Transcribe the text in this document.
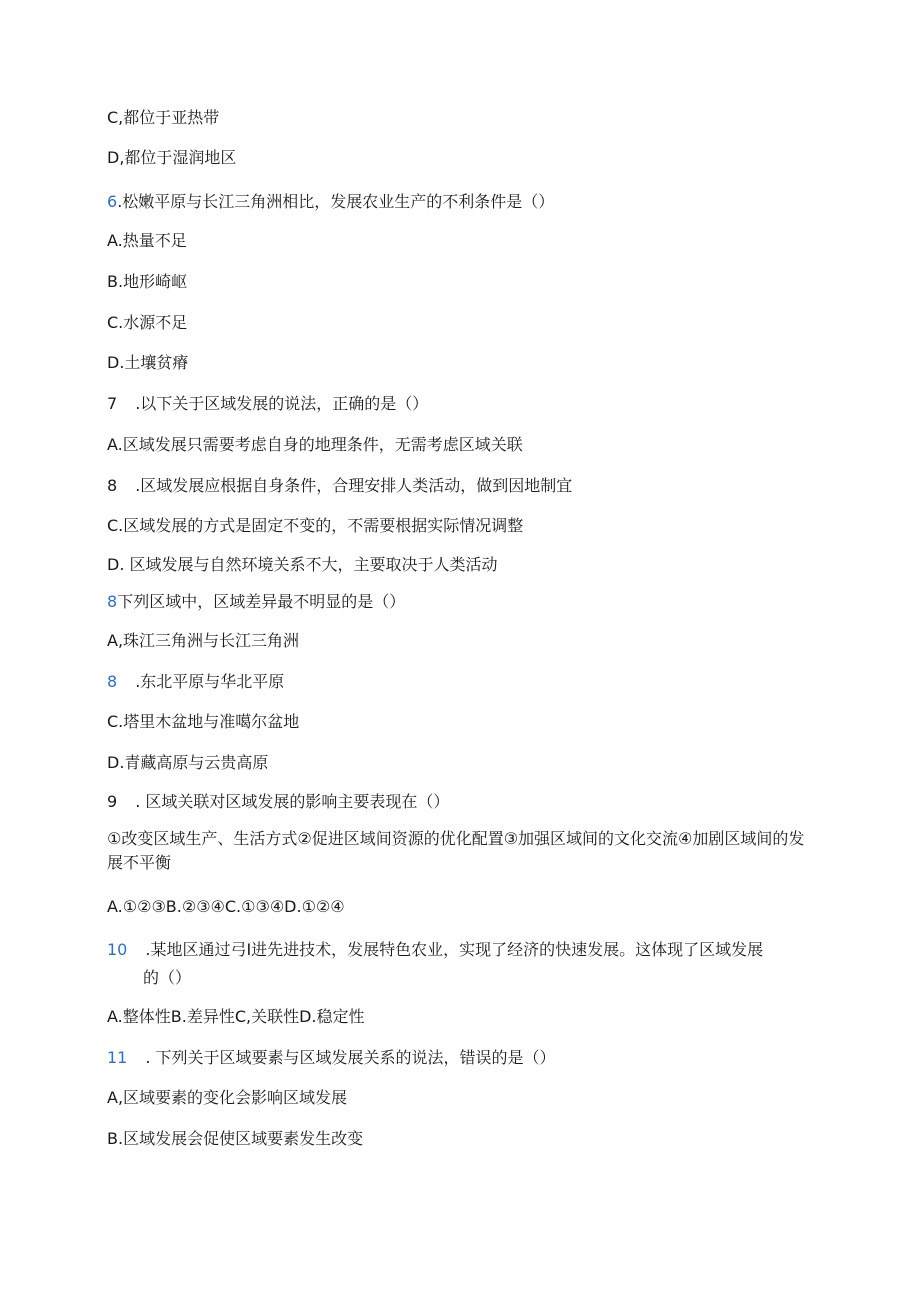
C,都位于亚热带
D,都位于湿润地区
6.松嫩平原与长江三角洲相比，发展农业生产的不利条件是（）
A.热量不足
B.地形崎岖
C.水源不足
D.土壤贫瘠
7 .以下关于区域发展的说法，正确的是（）
A.区域发展只需要考虑自身的地理条件，无需考虑区域关联
8 .区域发展应根据自身条件，合理安排人类活动，做到因地制宜
C.区域发展的方式是固定不变的，不需要根据实际情况调整
D. 区域发展与自然环境关系不大，主要取决于人类活动
8下列区域中，区域差异最不明显的是（）
A,珠江三角洲与长江三角洲
8 .东北平原与华北平原
C.塔里木盆地与准噶尔盆地
D.青藏高原与云贵高原
9 . 区域关联对区域发展的影响主要表现在（）
①改变区域生产、生活方式②促进区域间资源的优化配置③加强区域间的文化交流④加剧区域间的发展不平衡
A.①②③B.②③④C.①③④D.①②④
10 .某地区通过弓I进先进技术，发展特色农业，实现了经济的快速发展。这体现了区域发展
的（）
A.整体性B.差异性C,关联性D.稳定性
11 . 下列关于区域要素与区域发展关系的说法，错误的是（）
A,区域要素的变化会影响区域发展
B.区域发展会促使区域要素发生改变
